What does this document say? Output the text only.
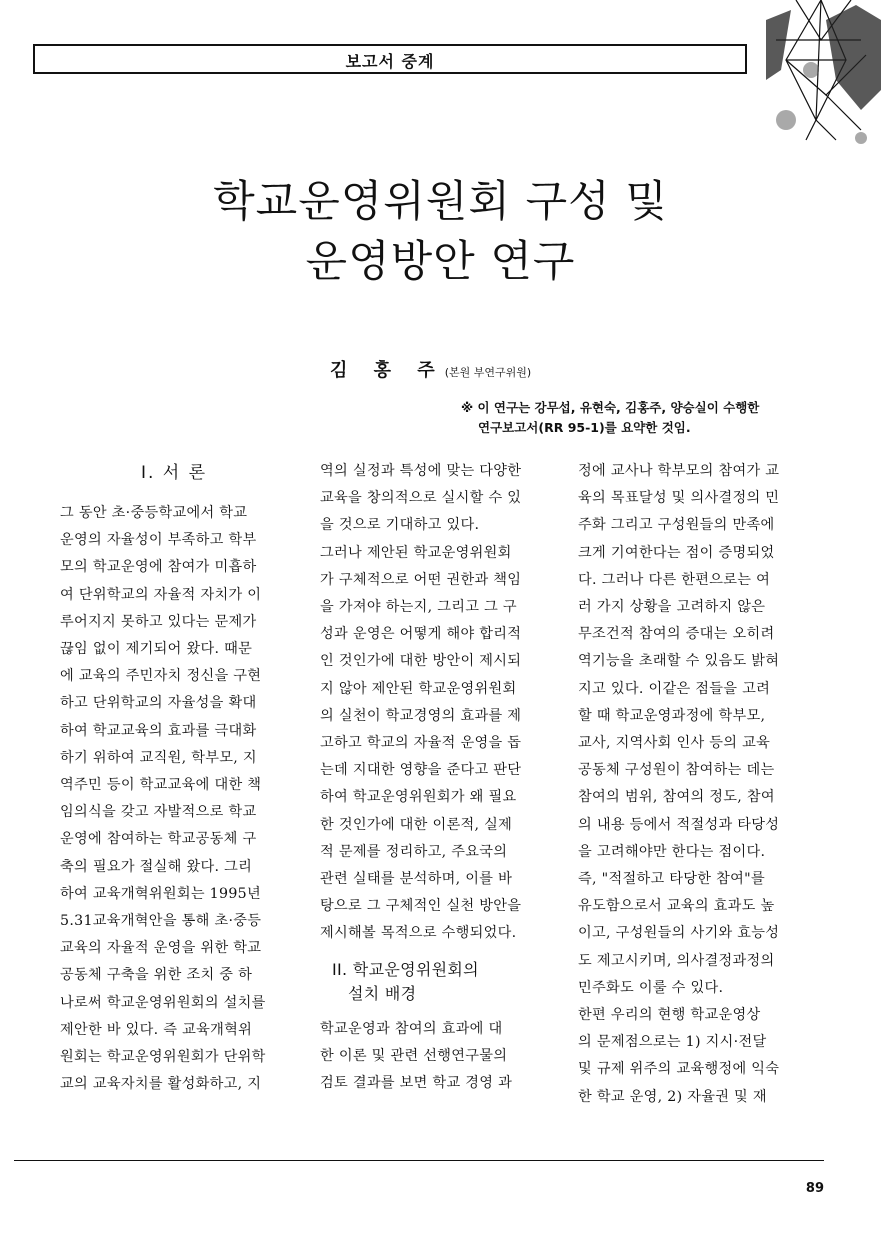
보고서 중계
학교운영위원회 구성 및
운영방안 연구
김 홍 주(본원 부연구위원)
※ 이 연구는 강무섭, 유현숙, 김홍주, 양승실이 수행한
연구보고서(RR 95-1)를 요약한 것임.
I. 서 론

그 동안 초·중등학교에서 학교
운영의 자율성이 부족하고 학부
모의 학교운영에 참여가 미흡하
여 단위학교의 자율적 자치가 이
루어지지 못하고 있다는 문제가
끊임 없이 제기되어 왔다. 때문
에 교육의 주민자치 정신을 구현
하고 단위학교의 자율성을 확대
하여 학교교육의 효과를 극대화
하기 위하여 교직원, 학부모, 지
역주민 등이 학교교육에 대한 책
임의식을 갖고 자발적으로 학교
운영에 참여하는 학교공동체 구
축의 필요가 절실해 왔다. 그리
하여 교육개혁위원회는 1995년
5.31교육개혁안을 통해 초·중등
교육의 자율적 운영을 위한 학교
공동체 구축을 위한 조치 중 하
나로써 학교운영위원회의 설치를
제안한 바 있다. 즉 교육개혁위
원회는 학교운영위원회가 단위학
교의 교육자치를 활성화하고, 지

역의 실정과 특성에 맞는 다양한
교육을 창의적으로 실시할 수 있
을 것으로 기대하고 있다.
그러나 제안된 학교운영위원회
가 구체적으로 어떤 권한과 책임
을 가져야 하는지, 그리고 그 구
성과 운영은 어떻게 해야 합리적
인 것인가에 대한 방안이 제시되
지 않아 제안된 학교운영위원회
의 실천이 학교경영의 효과를 제
고하고 학교의 자율적 운영을 돕
는데 지대한 영향을 준다고 판단
하여 학교운영위원회가 왜 필요
한 것인가에 대한 이론적, 실제
적 문제를 정리하고, 주요국의
관련 실태를 분석하며, 이를 바
탕으로 그 구체적인 실천 방안을
제시해볼 목적으로 수행되었다.

II. 학교운영위원회의
설치 배경

학교운영과 참여의 효과에 대
한 이론 및 관련 선행연구물의
검토 결과를 보면 학교 경영 과

정에 교사나 학부모의 참여가 교
육의 목표달성 및 의사결정의 민
주화 그리고 구성원들의 만족에
크게 기여한다는 점이 증명되었
다. 그러나 다른 한편으로는 여
러 가지 상황을 고려하지 않은
무조건적 참여의 증대는 오히려
역기능을 초래할 수 있음도 밝혀
지고 있다. 이같은 점들을 고려
할 때 학교운영과정에 학부모,
교사, 지역사회 인사 등의 교육
공동체 구성원이 참여하는 데는
참여의 범위, 참여의 정도, 참여
의 내용 등에서 적절성과 타당성
을 고려해야만 한다는 점이다.
즉, "적절하고 타당한 참여"를
유도함으로서 교육의 효과도 높
이고, 구성원들의 사기와 효능성
도 제고시키며, 의사결정과정의
민주화도 이룰 수 있다.
한편 우리의 현행 학교운영상
의 문제점으로는 1) 지시·전달
및 규제 위주의 교육행정에 익숙
한 학교 운영, 2) 자율권 및 재

89
